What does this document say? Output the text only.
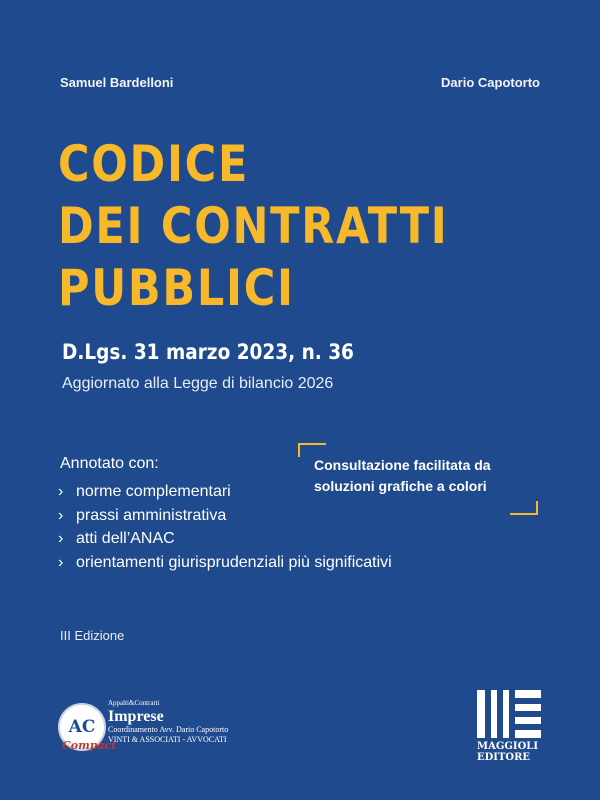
Samuel Bardelloni	Dario Capotorto
CODICE
DEI CONTRATTI
PUBBLICI
D.Lgs. 31 marzo 2023, n. 36
Aggiornato alla Legge di bilancio 2026
Annotato con:
› norme complementari
› prassi amministrativa
› atti dell’ANAC
› orientamenti giurisprudenziali più significativi
Consultazione facilitata da
soluzioni grafiche a colori
III Edizione
AC
Compact
Appalti&Contratti
Imprese
Coordinamento Avv. Dario Capotorto
VINTI & ASSOCIATI - AVVOCATI
MAGGIOLI
EDITORE
